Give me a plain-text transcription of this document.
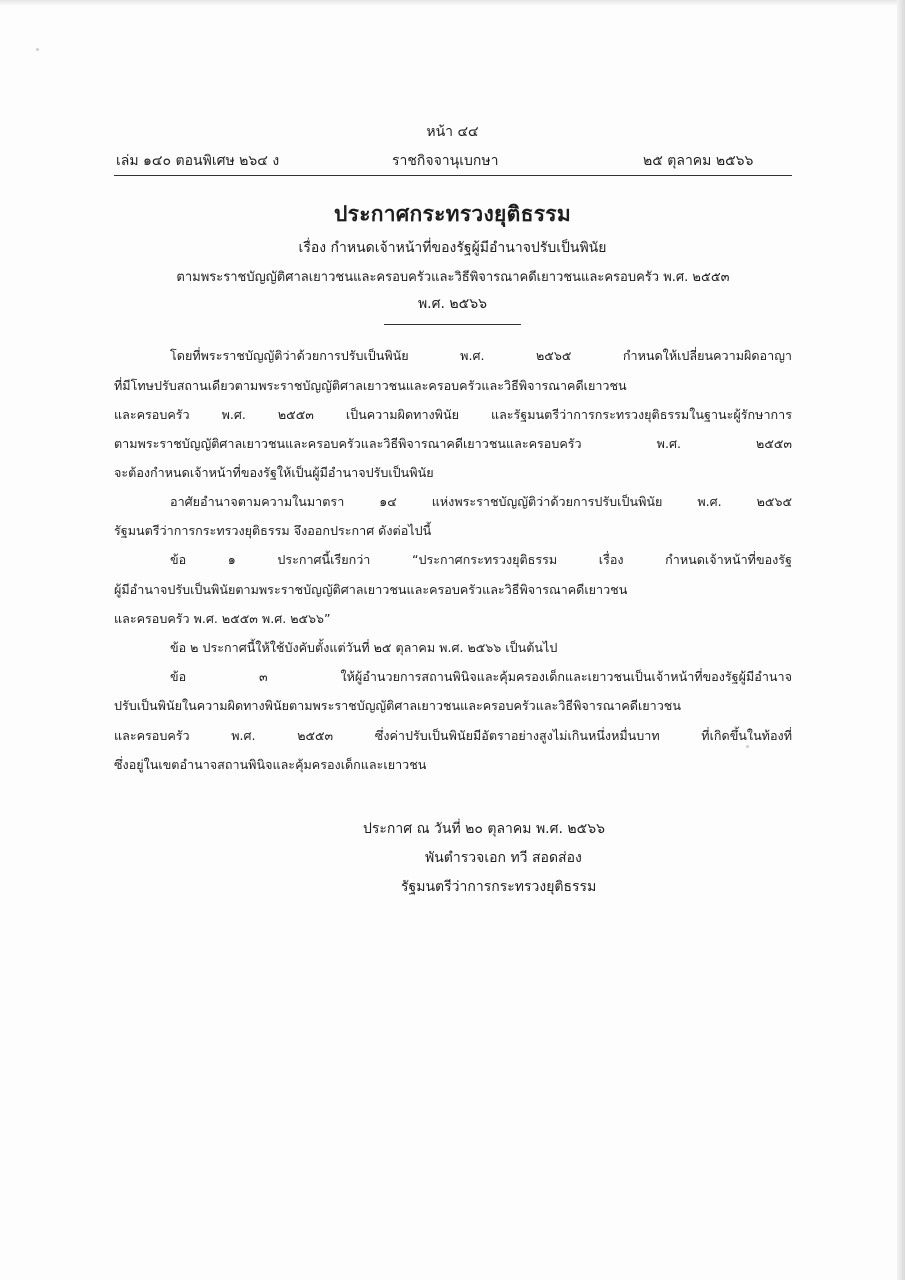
หน้า ๔๔
เล่ม ๑๔๐ ตอนพิเศษ ๒๖๔ ง	ราชกิจจานุเบกษา	๒๕ ตุลาคม ๒๕๖๖
ประกาศกระทรวงยุติธรรม
เรื่อง กำหนดเจ้าหน้าที่ของรัฐผู้มีอำนาจปรับเป็นพินัย
ตามพระราชบัญญัติศาลเยาวชนและครอบครัวและวิธีพิจารณาคดีเยาวชนและครอบครัว พ.ศ. ๒๕๕๓
พ.ศ. ๒๕๖๖
โดยที่พระราชบัญญัติว่าด้วยการปรับเป็นพินัย พ.ศ. ๒๕๖๕ กำหนดให้เปลี่ยนความผิดอาญา
ที่มีโทษปรับสถานเดียวตามพระราชบัญญัติศาลเยาวชนและครอบครัวและวิธีพิจารณาคดีเยาวชน
และครอบครัว พ.ศ. ๒๕๕๓ เป็นความผิดทางพินัย และรัฐมนตรีว่าการกระทรวงยุติธรรมในฐานะผู้รักษาการ
ตามพระราชบัญญัติศาลเยาวชนและครอบครัวและวิธีพิจารณาคดีเยาวชนและครอบครัว พ.ศ. ๒๕๕๓
จะต้องกำหนดเจ้าหน้าที่ของรัฐให้เป็นผู้มีอำนาจปรับเป็นพินัย
อาศัยอำนาจตามความในมาตรา ๑๔ แห่งพระราชบัญญัติว่าด้วยการปรับเป็นพินัย พ.ศ. ๒๕๖๕
รัฐมนตรีว่าการกระทรวงยุติธรรม จึงออกประกาศ ดังต่อไปนี้
ข้อ ๑ ประกาศนี้เรียกว่า “ประกาศกระทรวงยุติธรรม เรื่อง กำหนดเจ้าหน้าที่ของรัฐ
ผู้มีอำนาจปรับเป็นพินัยตามพระราชบัญญัติศาลเยาวชนและครอบครัวและวิธีพิจารณาคดีเยาวชน
และครอบครัว พ.ศ. ๒๕๕๓ พ.ศ. ๒๕๖๖”
ข้อ ๒ ประกาศนี้ให้ใช้บังคับตั้งแต่วันที่ ๒๕ ตุลาคม พ.ศ. ๒๕๖๖ เป็นต้นไป
ข้อ ๓ ให้ผู้อำนวยการสถานพินิจและคุ้มครองเด็กและเยาวชนเป็นเจ้าหน้าที่ของรัฐผู้มีอำนาจ
ปรับเป็นพินัยในความผิดทางพินัยตามพระราชบัญญัติศาลเยาวชนและครอบครัวและวิธีพิจารณาคดีเยาวชน
และครอบครัว พ.ศ. ๒๕๕๓ ซึ่งค่าปรับเป็นพินัยมีอัตราอย่างสูงไม่เกินหนึ่งหมื่นบาท ที่เกิดขึ้นในท้องที่
ซึ่งอยู่ในเขตอำนาจสถานพินิจและคุ้มครองเด็กและเยาวชน
ประกาศ ณ วันที่ ๒๐ ตุลาคม พ.ศ. ๒๕๖๖
พันตำรวจเอก ทวี สอดส่อง
รัฐมนตรีว่าการกระทรวงยุติธรรม
